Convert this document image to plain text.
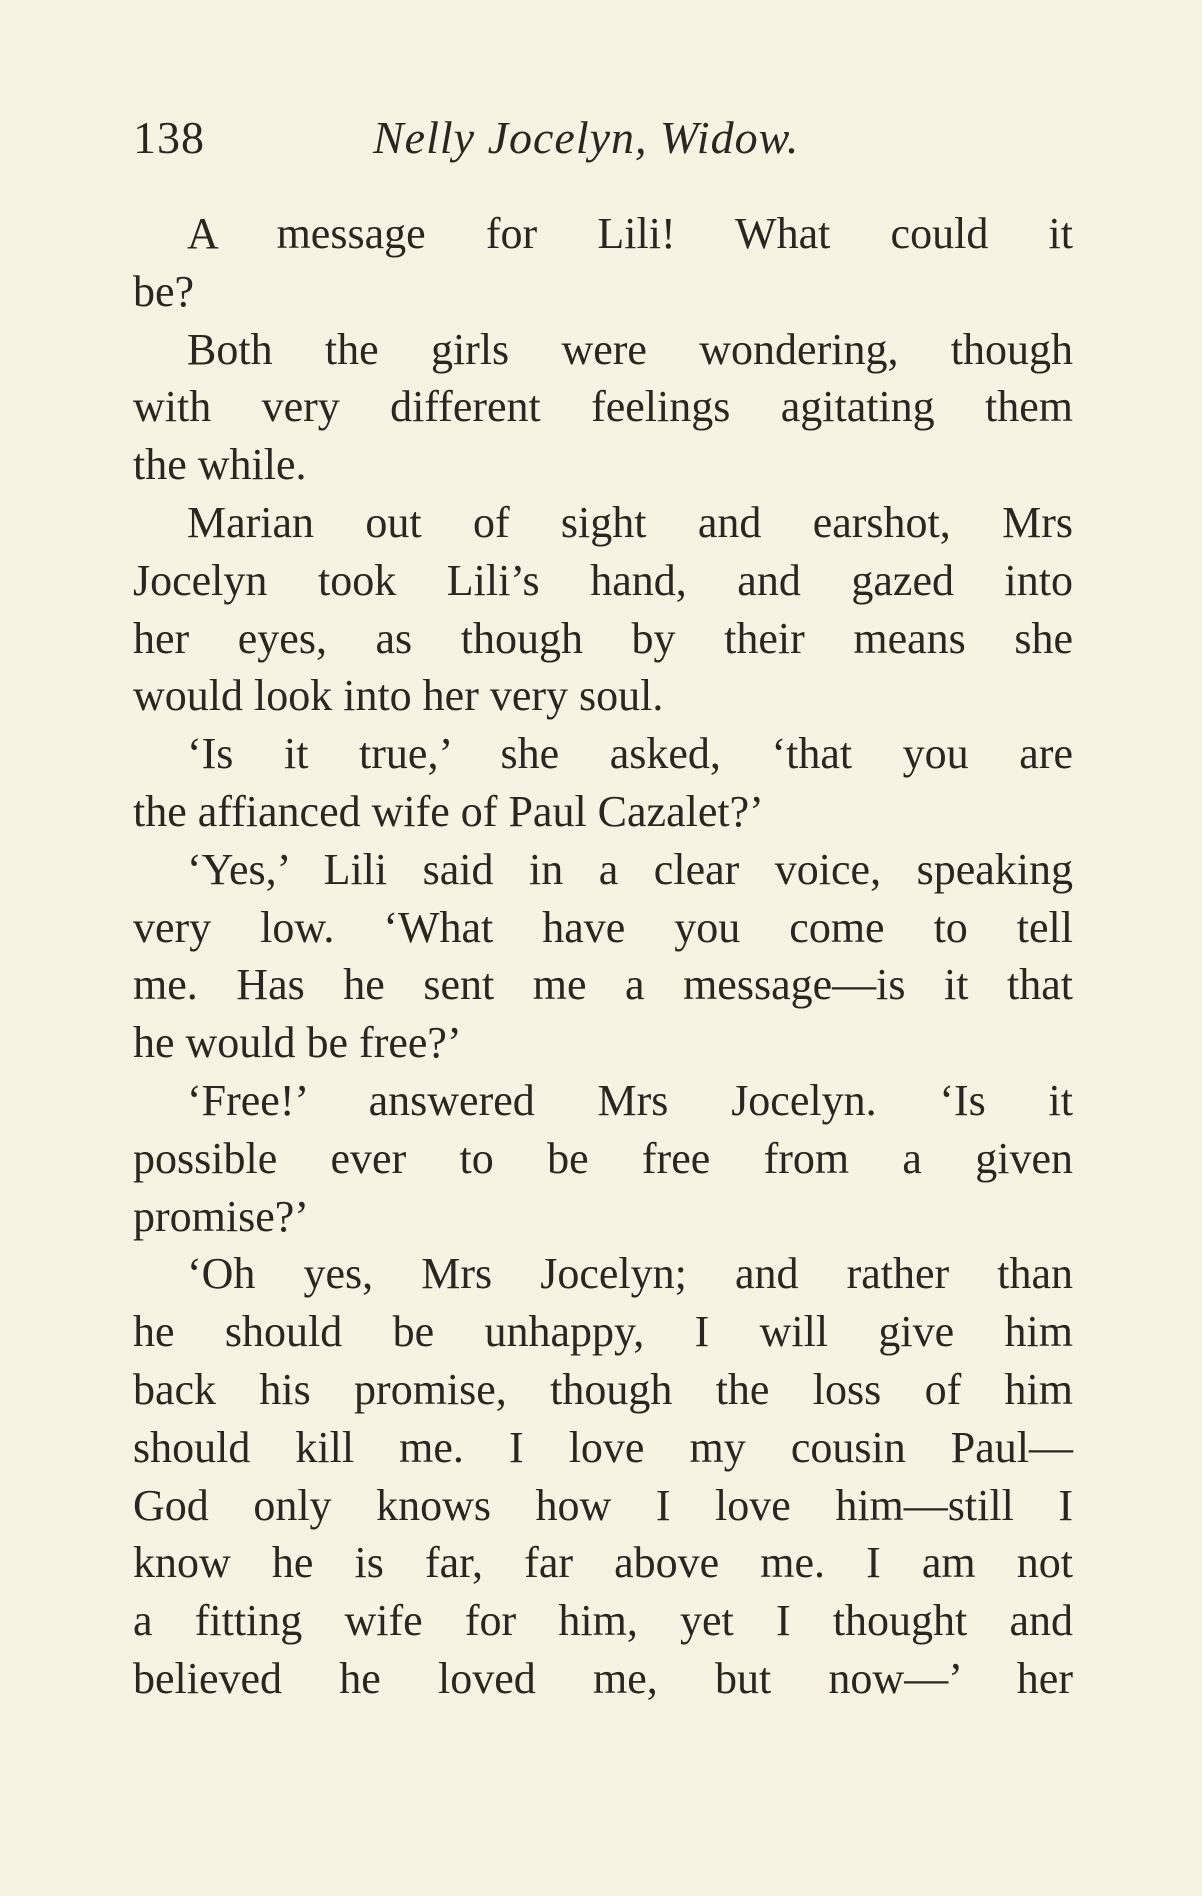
138	Nelly Jocelyn, Widow.
A message for Lili! What could it
be?
Both the girls were wondering, though
with very different feelings agitating them
the while.
Marian out of sight and earshot, Mrs
Jocelyn took Lili’s hand, and gazed into
her eyes, as though by their means she
would look into her very soul.
‘Is it true,’ she asked, ‘that you are
the affianced wife of Paul Cazalet?’
‘Yes,’ Lili said in a clear voice, speaking
very low. ‘What have you come to tell
me. Has he sent me a message—is it that
he would be free?’
‘Free!’ answered Mrs Jocelyn. ‘Is it
possible ever to be free from a given
promise?’
‘Oh yes, Mrs Jocelyn; and rather than
he should be unhappy, I will give him
back his promise, though the loss of him
should kill me. I love my cousin Paul—
God only knows how I love him—still I
know he is far, far above me. I am not
a fitting wife for him, yet I thought and
believed he loved me, but now—’ her
